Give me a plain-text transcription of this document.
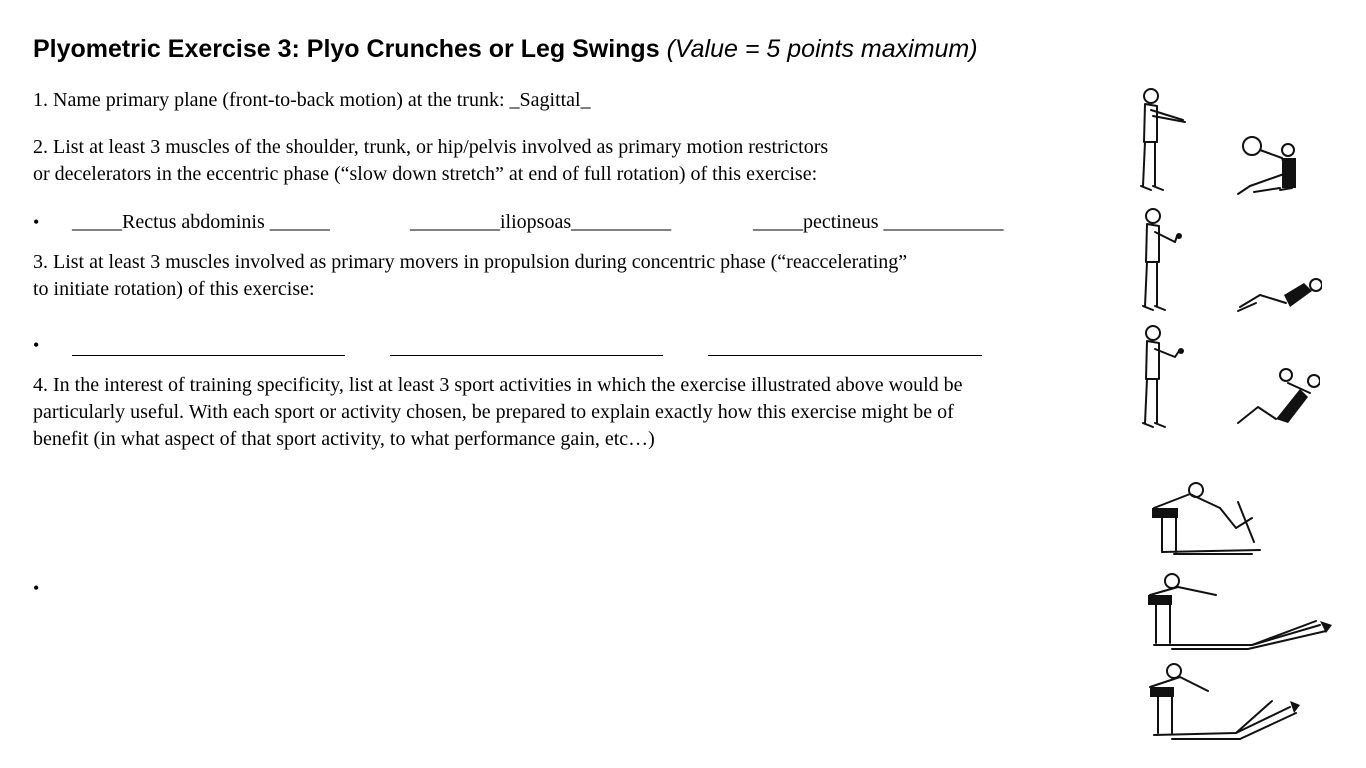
Plyometric Exercise 3: Plyo Crunches or Leg Swings (Value = 5 points maximum)
1. Name primary plane (front-to-back motion) at the trunk: _Sagittal_
2. List at least 3 muscles of the shoulder, trunk, or hip/pelvis involved as primary motion restrictors
or decelerators in the eccentric phase (“slow down stretch” at end of full rotation) of this exercise:
• _____Rectus abdominis ______	_________iliopsoas__________	_____pectineus ____________
3. List at least 3 muscles involved as primary movers in propulsion during concentric phase (“reaccelerating”
to initiate rotation) of this exercise:
•
4. In the interest of training specificity, list at least 3 sport activities in which the exercise illustrated above would be
particularly useful. With each sport or activity chosen, be prepared to explain exactly how this exercise might be of
benefit (in what aspect of that sport activity, to what performance gain, etc…)
•
